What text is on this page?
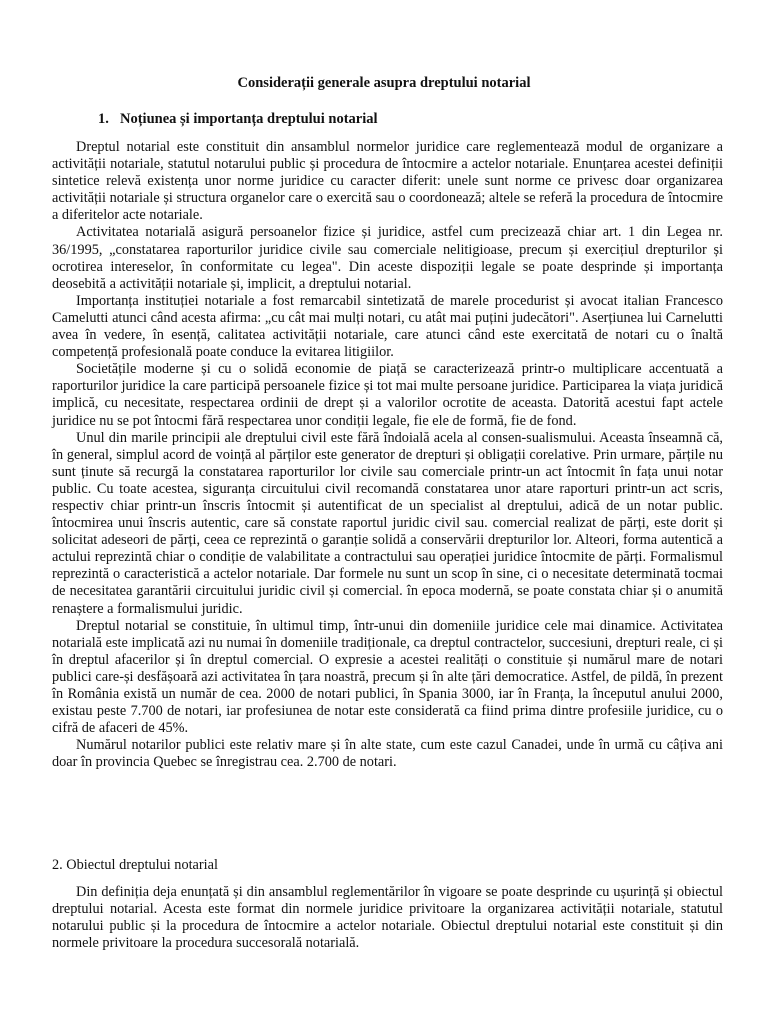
Considerații generale asupra dreptului notarial
1. Noțiunea și importanța dreptului notarial

Dreptul notarial este constituit din ansamblul normelor juridice care reglementează modul de organizare a activității notariale, statutul notarului public și procedura de întocmire a actelor notariale. Enunțarea acestei definiții sintetice relevă existența unor norme juridice cu caracter diferit: unele sunt norme ce privesc doar organizarea activității notariale și structura organelor care o exercită sau o coordonează; altele se referă la procedura de întocmire a diferitelor acte notariale.

Activitatea notarială asigură persoanelor fizice și juridice, astfel cum precizează chiar art. 1 din Legea nr. 36/1995, „constatarea raporturilor juridice civile sau comerciale nelitigioase, precum și exercițiul drepturilor și ocrotirea intereselor, în conformitate cu legea". Din aceste dispoziții legale se poate desprinde și importanța deosebită a activității notariale și, implicit, a dreptului notarial.

Importanța instituției notariale a fost remarcabil sintetizată de marele procedurist și avocat italian Francesco Camelutti atunci când acesta afirma: „cu cât mai mulți notari, cu atât mai puțini judecători". Aserțiunea lui Carnelutti avea în vedere, în esență, calitatea activității notariale, care atunci când este exercitată de notari cu o înaltă competență profesională poate conduce la evitarea litigiilor.

Societățile moderne și cu o solidă economie de piață se caracterizează printr-o multiplicare accentuată a raporturilor juridice la care participă persoanele fizice și tot mai multe persoane juridice. Participarea la viața juridică implică, cu necesitate, respectarea ordinii de drept și a valorilor ocrotite de aceasta. Datorită acestui fapt actele juridice nu se pot întocmi fără respectarea unor condiții legale, fie ele de formă, fie de fond.

Unul din marile principii ale dreptului civil este fără îndoială acela al consen-sualismului. Aceasta înseamnă că, în general, simplul acord de voință al părților este generator de drepturi și obligații corelative. Prin urmare, părțile nu sunt ținute să recurgă la constatarea raporturilor lor civile sau comerciale printr-un act întocmit în fața unui notar public. Cu toate acestea, siguranța circuitului civil recomandă constatarea unor atare raporturi printr-un act scris, respectiv chiar printr-un înscris întocmit și autentificat de un specialist al dreptului, adică de un notar public. întocmirea unui înscris autentic, care să constate raportul juridic civil sau. comercial realizat de părți, este dorit și solicitat adeseori de părți, ceea ce reprezintă o garanție solidă a conservării drepturilor lor. Alteori, forma autentică a actului reprezintă chiar o condiție de valabilitate a contractului sau operației juridice întocmite de părți. Formalismul reprezintă o caracteristică a actelor notariale. Dar formele nu sunt un scop în sine, ci o necesitate determinată tocmai de necesitatea garantării circuitului juridic civil și comercial. în epoca modernă, se poate constata chiar și o anumită renaștere a formalismului juridic.

Dreptul notarial se constituie, în ultimul timp, într-unui din domeniile juridice cele mai dinamice. Activitatea notarială este implicată azi nu numai în domeniile tradiționale, ca dreptul contractelor, succesiuni, drepturi reale, ci și în dreptul afacerilor și în dreptul comercial. O expresie a acestei realități o constituie și numărul mare de notari publici care-și desfășoară azi activitatea în țara noastră, precum și în alte țări democratice. Astfel, de pildă, în prezent în România există un număr de cea. 2000 de notari publici, în Spania 3000, iar în Franța, la începutul anului 2000, existau peste 7.700 de notari, iar profesiunea de notar este considerată ca fiind prima dintre profesiile juridice, cu o cifră de afaceri de 45%.

Numărul notarilor publici este relativ mare și în alte state, cum este cazul Canadei, unde în urmă cu câțiva ani doar în provincia Quebec se înregistrau cea. 2.700 de notari.

2. Obiectul dreptului notarial

Din definiția deja enunțată și din ansamblul reglementărilor în vigoare se poate desprinde cu ușurință și obiectul dreptului notarial. Acesta este format din normele juridice privitoare la organizarea activității notariale, statutul notarului public și la procedura de întocmire a actelor notariale. Obiectul dreptului notarial este constituit și din normele privitoare la procedura succesorală notarială.
